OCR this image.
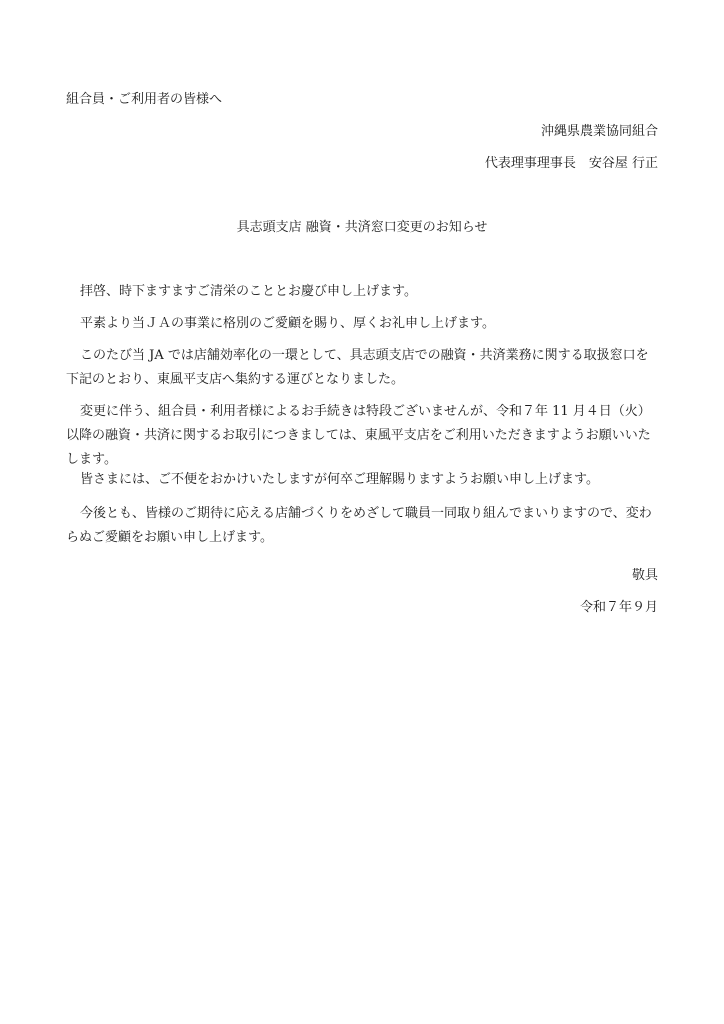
組合員・ご利用者の皆様へ
沖縄県農業協同組合
代表理事理事長　安谷屋 行正
具志頭支店 融資・共済窓口変更のお知らせ
拝啓、時下ますますご清栄のこととお慶び申し上げます。
平素より当ＪＡの事業に格別のご愛顧を賜り、厚くお礼申し上げます。
このたび当 JA では店舗効率化の一環として、具志頭支店での融資・共済業務に関する取扱窓口を下記のとおり、東風平支店へ集約する運びとなりました。
変更に伴う、組合員・利用者様によるお手続きは特段ございませんが、令和７年 11 月４日（火）以降の融資・共済に関するお取引につきましては、東風平支店をご利用いただきますようお願いいたします。
皆さまには、ご不便をおかけいたしますが何卒ご理解賜りますようお願い申し上げます。
今後とも、皆様のご期待に応える店舗づくりをめざして職員一同取り組んでまいりますので、変わらぬご愛顧をお願い申し上げます。
敬具
令和７年９月
